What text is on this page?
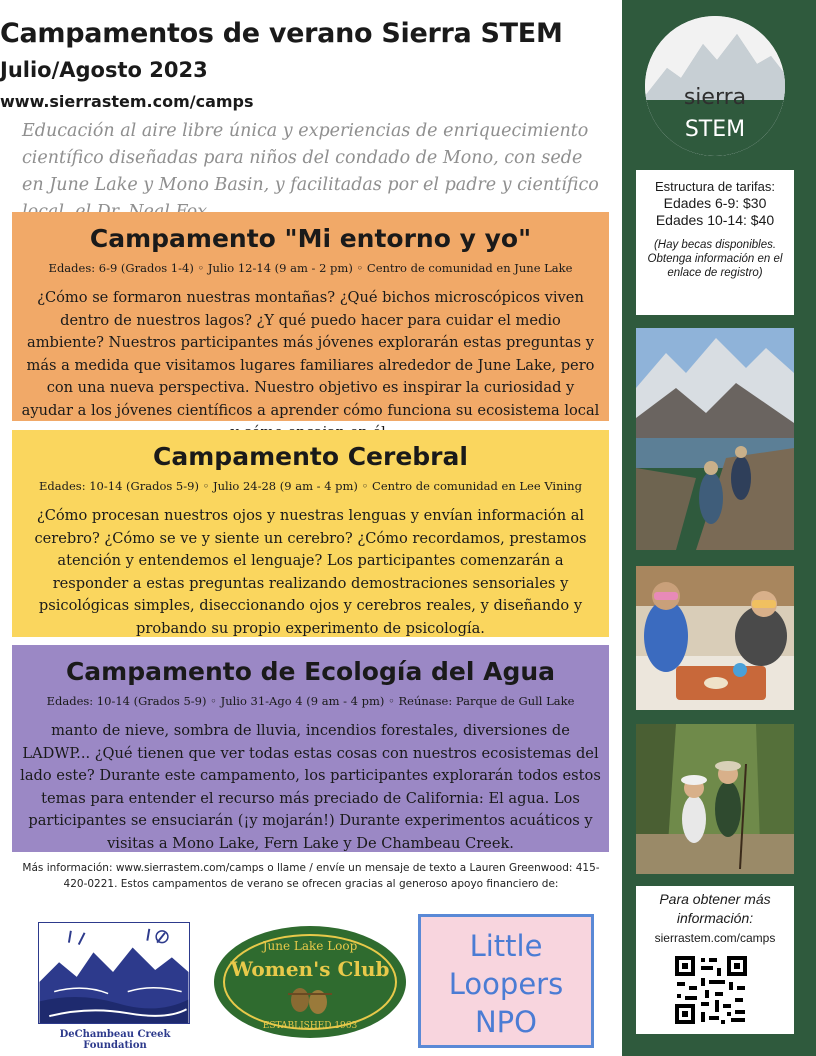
Campamentos de verano Sierra STEM
Julio/Agosto 2023
www.sierrastem.com/camps
Educación al aire libre única y experiencias de enriquecimiento científico diseñadas para niños del condado de Mono, con sede en June Lake y Mono Basin, y facilitadas por el padre y científico
Campamento "Mi entorno y yo"
Edades: 6-9 (Grados 1-4) ◦ Julio 12-14 (9 am - 2 pm) ◦ Centro de comunidad en June Lake
¿Cómo se formaron nuestras montañas? ¿Qué bichos microscópicos viven dentro de nuestros lagos? ¿Y qué puedo hacer para cuidar el medio ambiente? Nuestros participantes más jóvenes explorarán estas preguntas y más a medida que visitamos lugares familiares alrededor de June Lake, pero con una nueva perspectiva. Nuestro objetivo es inspirar la curiosidad y ayudar a los jóvenes científicos a aprender cómo funciona su ecosistema local
Campamento Cerebral
Edades: 10-14 (Grados 5-9) ◦ Julio 24-28 (9 am - 4 pm) ◦ Centro de comunidad en Lee Vining
¿Cómo procesan nuestros ojos y nuestras lenguas y envían información al cerebro? ¿Cómo se ve y siente un cerebro? ¿Cómo recordamos, prestamos atención y entendemos el lenguaje? Los participantes comenzarán a responder a estas preguntas realizando demostraciones sensoriales y psicológicas simples, diseccionando ojos y cerebros reales, y diseñando y probando su propio experimento de psicología.
Campamento de Ecología del Agua
Edades: 10-14 (Grados 5-9) ◦ Julio 31-Ago 4 (9 am - 4 pm) ◦ Reúnase: Parque de Gull Lake
manto de nieve, sombra de lluvia, incendios forestales, diversiones de LADWP... ¿Qué tienen que ver todas estas cosas con nuestros ecosistemas del lado este? Durante este campamento, los participantes explorarán todos estos temas para entender el recurso más preciado de California: El agua. Los participantes se ensuciarán (¡y mojarán!) Durante experimentos acuáticos y visitas a Mono Lake, Fern Lake y De Chambeau Creek.
Más información: www.sierrastem.com/camps o llame / envíe un mensaje de texto a Lauren Greenwood: 415-420-0221. Estos campamentos de verano se ofrecen gracias al generoso apoyo financiero de:
DeChambeau Creek Foundation
June Lake Loop
Women's Club
ESTABLISHED 1963
Little
Loopers
NPO
sierra
STEM
Estructura de tarifas:
Edades 6-9: $30
Edades 10-14: $40
(Hay becas disponibles. Obtenga información en el enlace de registro)
Para obtener más información:
sierrastem.com/camps
